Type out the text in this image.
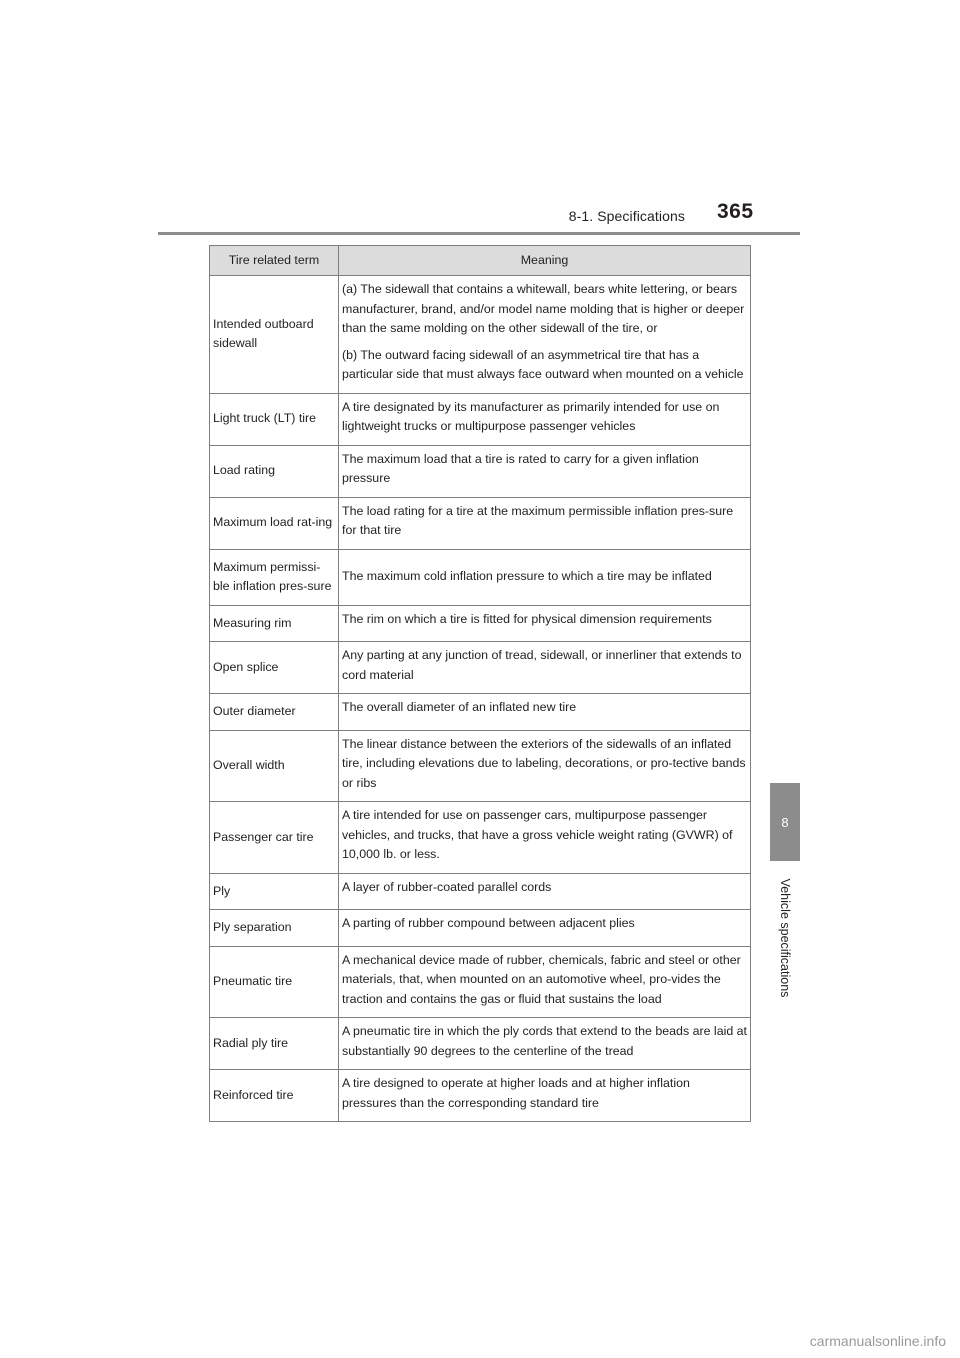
8-1. Specifications 365
8
Vehicle specifications
Tire related term	Meaning
Intended outboard sidewall	(a) The sidewall that contains a whitewall, bears white lettering, or bears manufacturer, brand, and/or model name molding that is higher or deeper than the same molding on the other sidewall of the tire, or
(b) The outward facing sidewall of an asymmetrical tire that has a particular side that must always face outward when mounted on a vehicle

Light truck (LT) tire	A tire designated by its manufacturer as primarily intended for use on lightweight trucks or multipurpose passenger vehicles

Load rating	The maximum load that a tire is rated to carry for a given inflation pressure

Maximum load rat-ing	The load rating for a tire at the maximum permissible inflation pres-sure for that tire

Maximum permissi-ble inflation pres-sure	The maximum cold inflation pressure to which a tire may be inflated

Measuring rim	The rim on which a tire is fitted for physical dimension requirements

Open splice	Any parting at any junction of tread, sidewall, or innerliner that extends to cord material

Outer diameter	The overall diameter of an inflated new tire

Overall width	The linear distance between the exteriors of the sidewalls of an inflated tire, including elevations due to labeling, decorations, or pro-tective bands or ribs

Passenger car tire	A tire intended for use on passenger cars, multipurpose passenger vehicles, and trucks, that have a gross vehicle weight rating (GVWR) of 10,000 lb. or less.

Ply	A layer of rubber-coated parallel cords

Ply separation	A parting of rubber compound between adjacent plies

Pneumatic tire	A mechanical device made of rubber, chemicals, fabric and steel or other materials, that, when mounted on an automotive wheel, pro-vides the traction and contains the gas or fluid that sustains the load

Radial ply tire	A pneumatic tire in which the ply cords that extend to the beads are laid at substantially 90 degrees to the centerline of the tread

Reinforced tire	A tire designed to operate at higher loads and at higher inflation pressures than the corresponding standard tire
carmanualsonline.info
